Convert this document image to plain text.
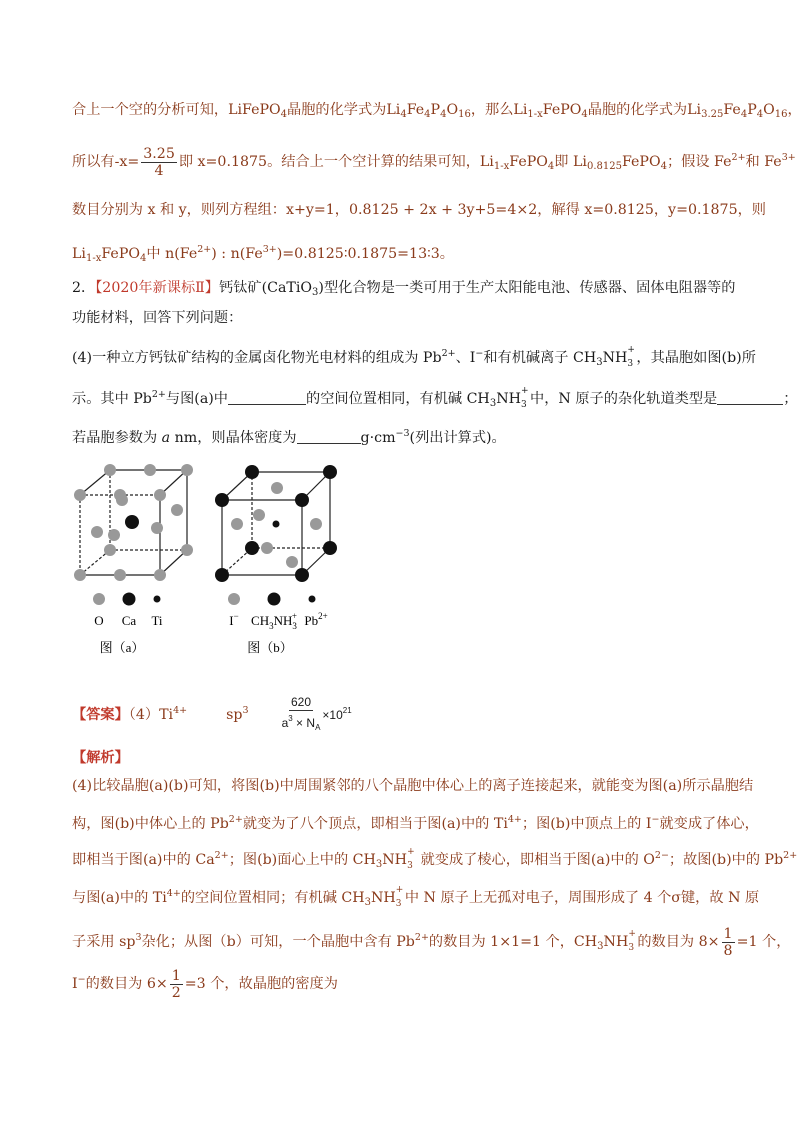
合上一个空的分析可知，LiFePO$_4$晶胞的化学式为$Li_4Fe_4P_4O_{16}$，那么$Li_{1-x}FePO_4$晶胞的化学式为$Li_{3.25}Fe_4P_4O_{16}$，
所以有$-x= \frac{3.25}{4}$ 即 x=0.1875。结合上一个空计算的结果可知，$Li_{1-x}FePO_4$即 $Li_{0.8125}FePO_4$；假设 $Fe^{2+}$和 $Fe^{3+}$
数目分别为 x 和 y，则列方程组：x+y=1，0.8125 + 2x + 3y+5=4×2，解得 x=0.8125，y=0.1875，则
$Li_{1-x}FePO_4$中 $n(Fe^{2+})$ : $n(Fe^{3+})=0.8125∶0.1875=13∶3$。
2．【2020年新课标Ⅱ】钙钛矿(CaTiO$_3$)型化合物是一类可用于生产太阳能电池、传感器、固体电阻器等的
功能材料，回答下列问题：
(4)一种立方钙钛矿结构的金属卤化物光电材料的组成为 $Pb^{2+}$、I−和有机碱离子 $CH_3NH$ +
3 ，其晶胞如图(b)所
示。其中 $Pb^{2+}$与图(a)中	的空间位置相同，有机碱 $CH_3NH$ +
3 中，N 原子的杂化轨道类型是	；
若晶胞参数为 a nm，则晶体密度为	$g\cdot cm^{-3}$(列出计算式)。
O Ca Ti
图（a）
I− $CH_3NH_3+ Pb^{2+}$
图（b）
【答案】$(4)Ti^{4+}$	$sp^3$	$\frac{620}{a^3 \times N_A} \times 10^{21}$
【解析】
(4)比较晶胞(a)(b)可知，将图(b)中周围紧邻的八个晶胞中体心上的离子连接起来，就能变为图(a)所示晶胞结
构，图(b)中体心上的 $Pb^{2+}$就变为了八个顶点，即相当于图(a)中的 $Ti^{4+}$；图(b)中顶点上的 I−就变成了体心，
即相当于图(a)中的 $Ca^{2+}$；图(b)面心上中的 $CH_3NH$ +
3 就变成了棱心，即相当于图(a)中的 $O^{2-}$；故图(b)中的 $Pb^{2+}$
与图(a)中的 $Ti^{4+}$的空间位置相同；有机碱 $CH_3NH$ +
3 中 N 原子上无孤对电子，周围形成了 4 个σ键，故 N 原
子采用 $sp^3$杂化；从图（b）可知，一个晶胞中含有 $Pb^{2+}$的数目为 1×1=1 个，$CH_3NH$ +
3 的数目为 $8\times \frac{1}{8} =1$ 个，
I−的数目为 $6\times \frac{1}{2} =3$ 个，故晶胞的密度为
